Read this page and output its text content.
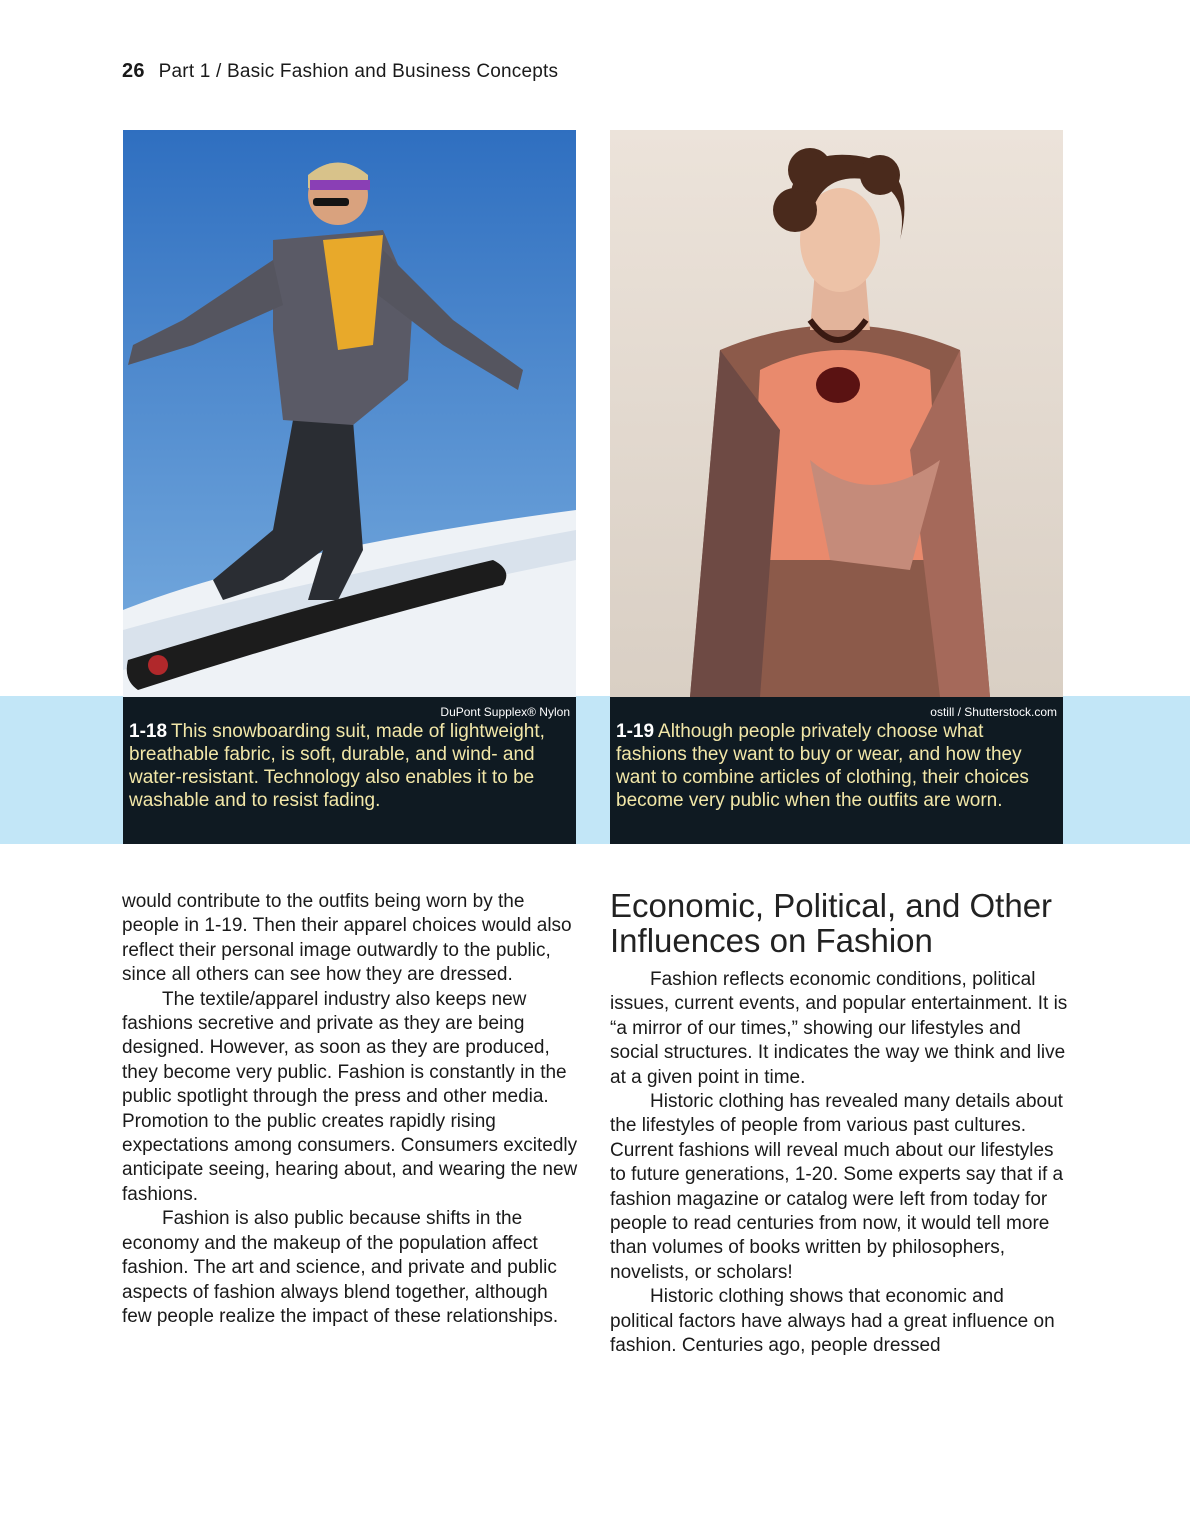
26 Part 1 / Basic Fashion and Business Concepts
DuPont Supplex® Nylon
1-18 This snowboarding suit, made of lightweight, breathable fabric, is soft, durable, and wind- and water-resistant. Technology also enables it to be washable and to resist fading.
ostill / Shutterstock.com
1-19 Although people privately choose what fashions they want to buy or wear, and how they want to combine articles of clothing, their choices become very public when the outfits are worn.

would contribute to the outfits being worn by the people in 1-19. Then their apparel choices would also reflect their personal image outwardly to the public, since all others can see how they are dressed.

The textile/apparel industry also keeps new fashions secretive and private as they are being designed. However, as soon as they are produced, they become very public. Fashion is constantly in the public spotlight through the press and other media. Promotion to the public creates rapidly rising expectations among consumers. Consumers excitedly anticipate seeing, hearing about, and wearing the new fashions.

Fashion is also public because shifts in the economy and the makeup of the population affect fashion. The art and science, and private and public aspects of fashion always blend together, although few people realize the impact of these relationships.

Economic, Political, and Other Influences on Fashion

Fashion reflects economic conditions, political issues, current events, and popular entertainment. It is “a mirror of our times,” showing our lifestyles and social structures. It indicates the way we think and live at a given point in time.

Historic clothing has revealed many details about the lifestyles of people from various past cultures. Current fashions will reveal much about our lifestyles to future generations, 1-20. Some experts say that if a fashion magazine or catalog were left from today for people to read centuries from now, it would tell more than volumes of books written by philosophers, novelists, or scholars!

Historic clothing shows that economic and political factors have always had a great influence on fashion. Centuries ago, people dressed
